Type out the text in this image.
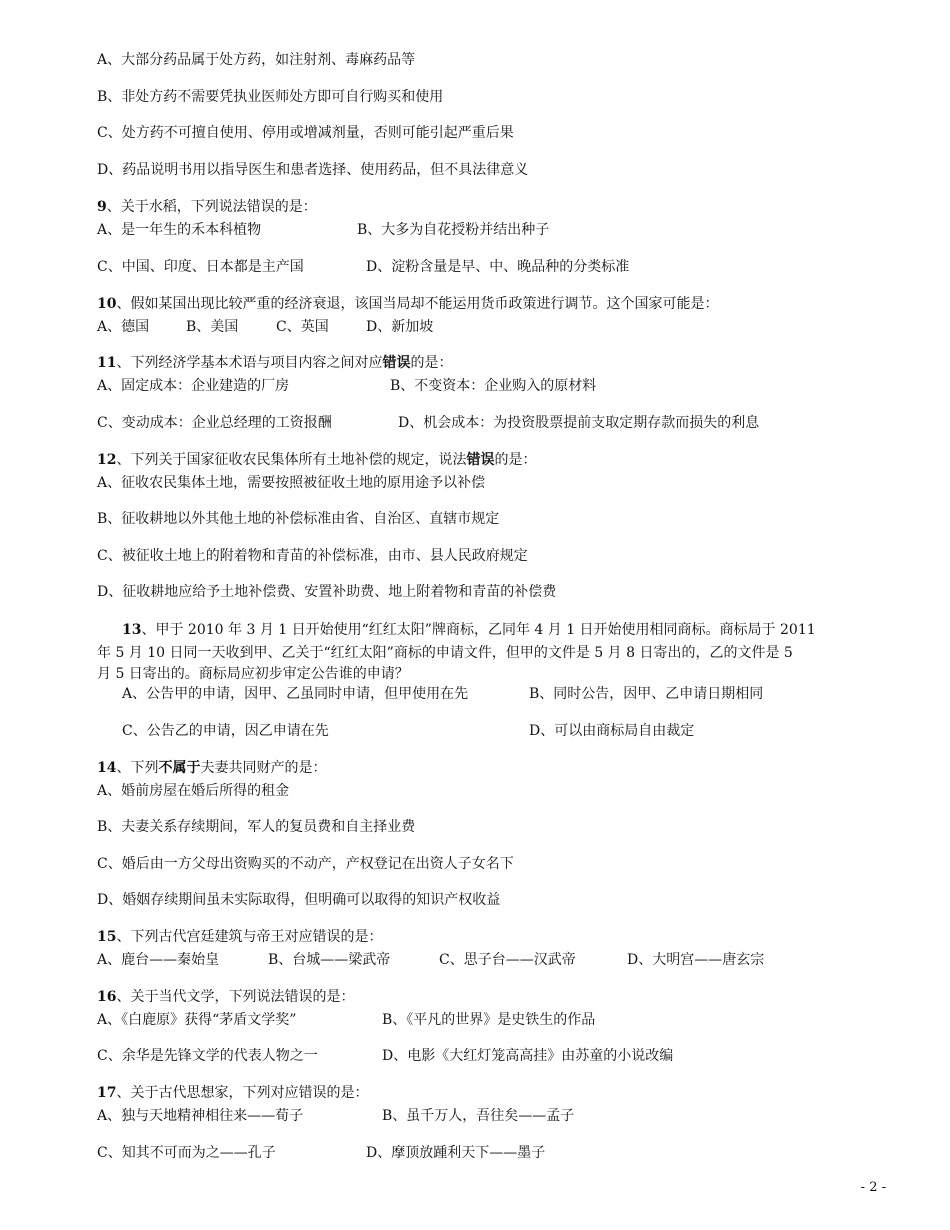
A、大部分药品属于处方药，如注射剂、毒麻药品等
B、非处方药不需要凭执业医师处方即可自行购买和使用
C、处方药不可擅自使用、停用或增减剂量，否则可能引起严重后果
D、药品说明书用以指导医生和患者选择、使用药品，但不具法律意义
9、关于水稻，下列说法错误的是：
A、是一年生的禾本科植物	B、大多为自花授粉并结出种子
C、中国、印度、日本都是主产国	D、淀粉含量是早、中、晚品种的分类标准
10、假如某国出现比较严重的经济衰退，该国当局却不能运用货币政策进行调节。这个国家可能是：
A、德国	B、美国	C、英国	D、新加坡
11、下列经济学基本术语与项目内容之间对应错误的是：
A、固定成本：企业建造的厂房	B、不变资本：企业购入的原材料
C、变动成本：企业总经理的工资报酬	D、机会成本：为投资股票提前支取定期存款而损失的利息
12、下列关于国家征收农民集体所有土地补偿的规定，说法错误的是：
A、征收农民集体土地，需要按照被征收土地的原用途予以补偿
B、征收耕地以外其他土地的补偿标准由省、自治区、直辖市规定
C、被征收土地上的附着物和青苗的补偿标准，由市、县人民政府规定
D、征收耕地应给予土地补偿费、安置补助费、地上附着物和青苗的补偿费
13、甲于 2010 年 3 月 1 日开始使用“红红太阳”牌商标，乙同年 4 月 1 日开始使用相同商标。商标局于 2011
年 5 月 10 日同一天收到甲、乙关于“红红太阳”商标的申请文件，但甲的文件是 5 月 8 日寄出的，乙的文件是 5
月 5 日寄出的。商标局应初步审定公告谁的申请？
A、公告甲的申请，因甲、乙虽同时申请，但甲使用在先	B、同时公告，因甲、乙申请日期相同
C、公告乙的申请，因乙申请在先	D、可以由商标局自由裁定
14、下列不属于夫妻共同财产的是：
A、婚前房屋在婚后所得的租金
B、夫妻关系存续期间，军人的复员费和自主择业费
C、婚后由一方父母出资购买的不动产，产权登记在出资人子女名下
D、婚姻存续期间虽未实际取得，但明确可以取得的知识产权收益
15、下列古代宫廷建筑与帝王对应错误的是：
A、鹿台——秦始皇	B、台城——梁武帝	C、思子台——汉武帝	D、大明宫——唐玄宗
16、关于当代文学，下列说法错误的是：
A、《白鹿原》获得“茅盾文学奖”	B、《平凡的世界》是史铁生的作品
C、余华是先锋文学的代表人物之一	D、电影《大红灯笼高高挂》由苏童的小说改编
17、关于古代思想家，下列对应错误的是：
A、独与天地精神相往来——荀子	B、虽千万人，吾往矣——孟子
C、知其不可而为之——孔子	D、摩顶放踵利天下——墨子
- 2 -
